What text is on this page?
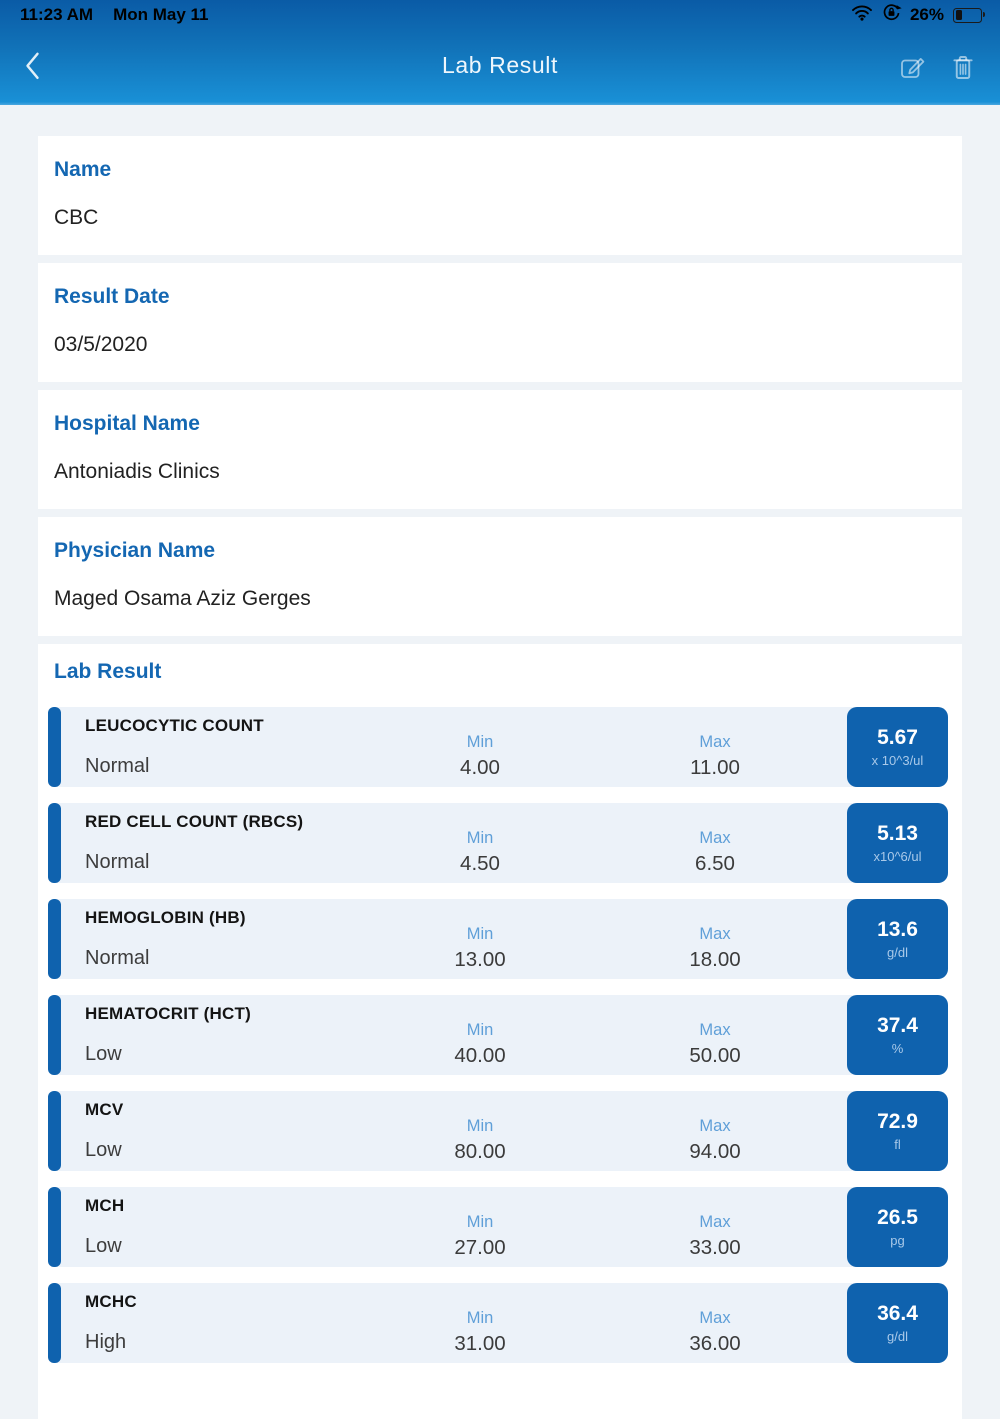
11:23 AM Mon May 11	26%
Lab Result
Name
CBC
Result Date
03/5/2020
Hospital Name
Antoniadis Clinics
Physician Name
Maged Osama Aziz Gerges
Lab Result
LEUCOCYTIC COUNT
Normal
Min
4.00
Max
11.00
5.67
x 10^3/ul
RED CELL COUNT (RBCS)
Normal
Min
4.50
Max
6.50
5.13
x10^6/ul
HEMOGLOBIN (HB)
Normal
Min
13.00
Max
18.00
13.6
g/dl
HEMATOCRIT (HCT)
Low
Min
40.00
Max
50.00
37.4
%
MCV
Low
Min
80.00
Max
94.00
72.9
fl
MCH
Low
Min
27.00
Max
33.00
26.5
pg
MCHC
High
Min
31.00
Max
36.00
36.4
g/dl
